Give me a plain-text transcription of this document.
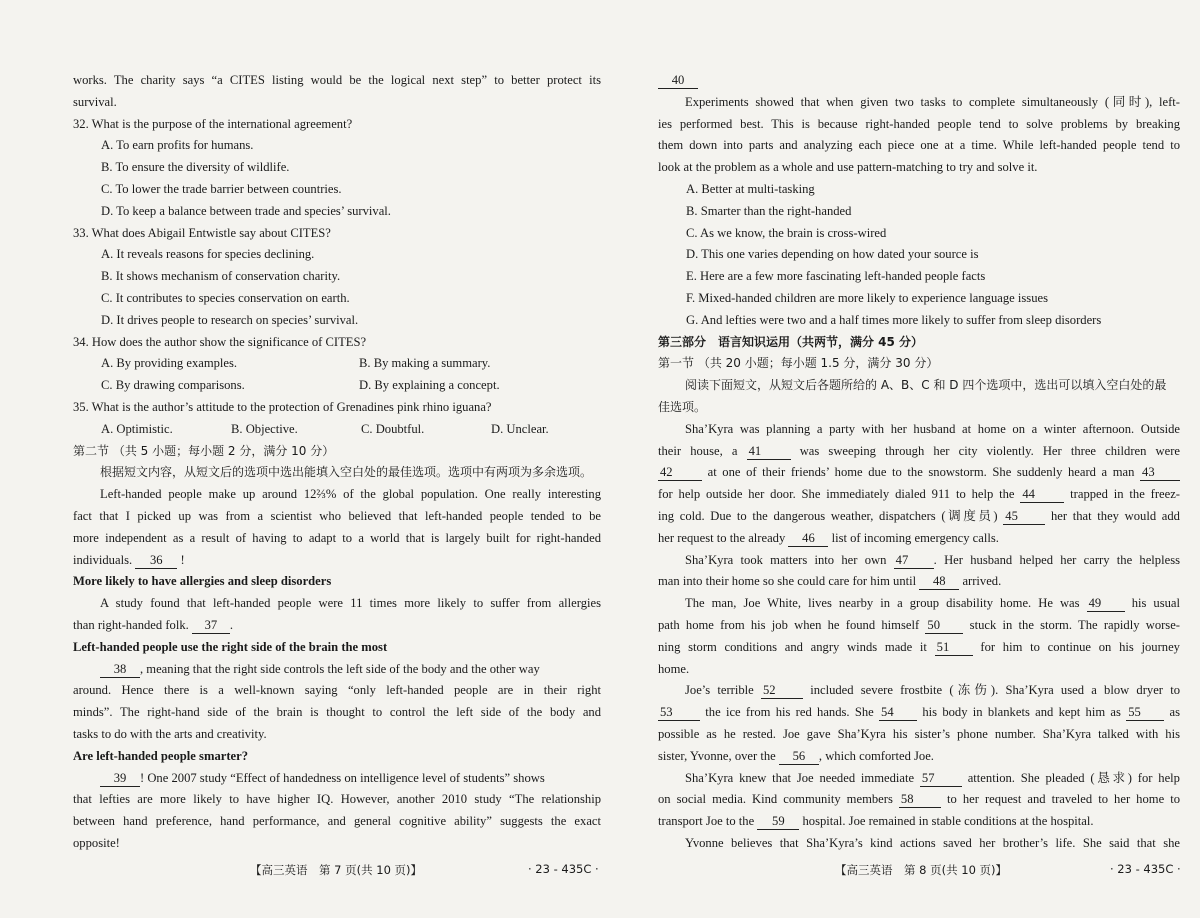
works. The charity says “a CITES listing would be the logical next step” to better protect its
survival.
32. What is the purpose of the international agreement?
A. To earn profits for humans.
B. To ensure the diversity of wildlife.
C. To lower the trade barrier between countries.
D. To keep a balance between trade and species’ survival.
33. What does Abigail Entwistle say about CITES?
A. It reveals reasons for species declining.
B. It shows mechanism of conservation charity.
C. It contributes to species conservation on earth.
D. It drives people to research on species’ survival.
34. How does the author show the significance of CITES?
A. By providing examples.	B. By making a summary.
C. By drawing comparisons.	D. By explaining a concept.
35. What is the author’s attitude to the protection of Grenadines pink rhino iguana?
A. Optimistic.	B. Objective.	C. Doubtful.	D. Unclear.
第二节 （共 5 小题；每小题 2 分，满分 10 分）
根据短文内容，从短文后的选项中选出能填入空白处的最佳选项。选项中有两项为多余选项。
Left-handed people make up around 12⅔% of the global population. One really interesting
fact that I picked up was from a scientist who believed that left-handed people tended to be
more independent as a result of having to adapt to a world that is largely built for right-handed
individuals. 36 !
More likely to have allergies and sleep disorders
A study found that left-handed people were 11 times more likely to suffer from allergies
than right-handed folk. 37 .
Left-handed people use the right side of the brain the most
38 , meaning that the right side controls the left side of the body and the other way
around. Hence there is a well-known saying “only left-handed people are in their right
minds”. The right-hand side of the brain is thought to control the left side of the body and
tasks to do with the arts and creativity.
Are left-handed people smarter?
39 ! One 2007 study “Effect of handedness on intelligence level of students” shows
that lefties are more likely to have higher IQ. However, another 2010 study “The relationship
between hand preference, hand performance, and general cognitive ability” suggests the exact
opposite!
【高三英语　第 7 页(共 10 页)】	· 23 - 435C ·
40
Experiments showed that when given two tasks to complete simultaneously (同时), left-
ies performed best. This is because right-handed people tend to solve problems by breaking
them down into parts and analyzing each piece one at a time. While left-handed people tend to
look at the problem as a whole and use pattern-matching to try and solve it.
A. Better at multi-tasking
B. Smarter than the right-handed
C. As we know, the brain is cross-wired
D. This one varies depending on how dated your source is
E. Here are a few more fascinating left-handed people facts
F. Mixed-handed children are more likely to experience language issues
G. And lefties were two and a half times more likely to suffer from sleep disorders
第三部分　语言知识运用（共两节，满分 45 分）
第一节 （共 20 小题；每小题 1.5 分，满分 30 分）
阅读下面短文，从短文后各题所给的 A、B、C 和 D 四个选项中，选出可以填入空白处的最
佳选项。
Sha’Kyra was planning a party with her husband at home on a winter afternoon. Outside
their house, a 41	was sweeping through her city violently. Her three children were
42	at one of their friends’ home due to the snowstorm. She suddenly heard a man 43
for help outside her door. She immediately dialed 911 to help the 44	trapped in the freez-
ing cold. Due to the dangerous weather, dispatchers (调度员) 45	her that they would add
her request to the already 46 list of incoming emergency calls.
Sha’Kyra took matters into her own 47 . Her husband helped her carry the helpless
man into their home so she could care for him until 48 arrived.
The man, Joe White, lives nearby in a group disability home. He was 49 his usual
path home from his job when he found himself 50 stuck in the storm. The rapidly worse-
ning storm conditions and angry winds made it 51 for him to continue on his journey
home.
Joe’s terrible 52	included severe frostbite (冻伤). Sha’Kyra used a blow dryer to
53	the ice from his red hands. She 54 his body in blankets and kept him as 55 as
possible as he rested. Joe gave Sha’Kyra his sister’s phone number. Sha’Kyra talked with his
sister, Yvonne, over the 56 , which comforted Joe.
Sha’Kyra knew that Joe needed immediate 57	attention. She pleaded (恳求) for help
on social media. Kind community members 58	to her request and traveled to her home to
transport Joe to the 59 hospital. Joe remained in stable conditions at the hospital.
Yvonne believes that Sha’Kyra’s kind actions saved her brother’s life. She said that she
【高三英语　第 8 页(共 10 页)】	· 23 - 435C ·
